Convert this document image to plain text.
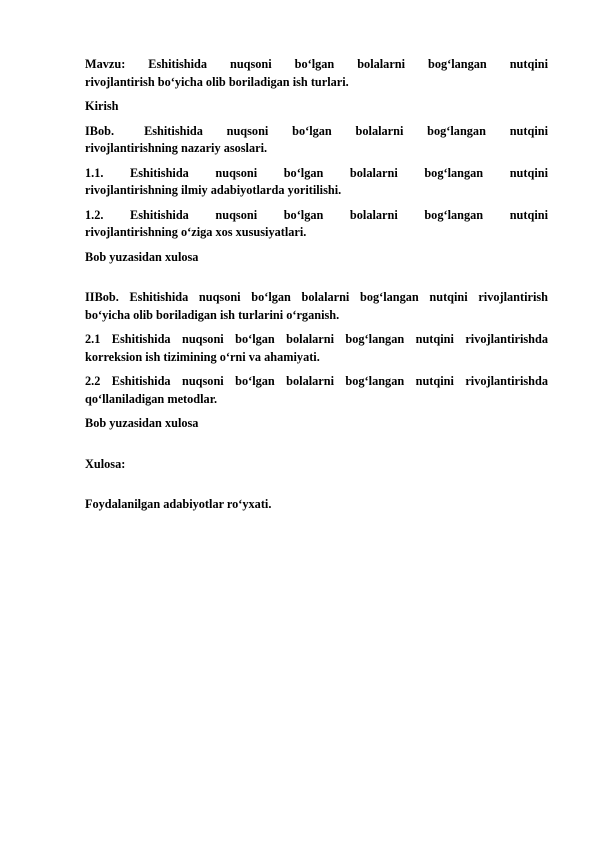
Mavzu: Eshitishida nuqsoni bo‘lgan bolalarni bog‘langan nutqini
rivojlantirish bo‘yicha olib boriladigan ish turlari.
Kirish
IBob. Eshitishida nuqsoni bo‘lgan bolalarni bog‘langan nutqini
rivojlantirishning nazariy asoslari.
1.1. Eshitishida nuqsoni bo‘lgan bolalarni bog‘langan nutqini
rivojlantirishning ilmiy adabiyotlarda yoritilishi.
1.2. Eshitishida nuqsoni bo‘lgan bolalarni bog‘langan nutqini
rivojlantirishning o‘ziga xos xususiyatlari.
Bob yuzasidan xulosa
IIBob. Eshitishida nuqsoni bo‘lgan bolalarni bog‘langan nutqini rivojlantirish
bo‘yicha olib boriladigan ish turlarini o‘rganish.
2.1 Eshitishida nuqsoni bo‘lgan bolalarni bog‘langan nutqini rivojlantirishda
korreksion ish tizimining o‘rni va ahamiyati.
2.2 Eshitishida nuqsoni bo‘lgan bolalarni bog‘langan nutqini rivojlantirishda
qo‘llaniladigan metodlar.
Bob yuzasidan xulosa
Xulosa:
Foydalanilgan adabiyotlar ro‘yxati.
